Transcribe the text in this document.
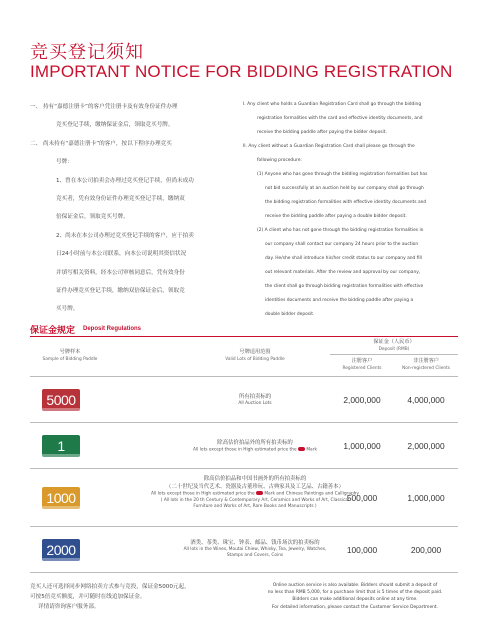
竞买登记须知
IMPORTANT NOTICE FOR BIDDING REGISTRATION
一、 持有“嘉德注册卡”的客户凭注册卡及有效身份证件办理
竞买登记手续，缴纳保证金后，领取竞买号牌。
二、 尚未持有“嘉德注册卡”的客户，按以下程序办理竞买
号牌：
1、曾在本公司拍卖会办理过竞买登记手续，但尚未成功
竞买者，凭有效身份证件办理竞买登记手续，缴纳双
倍保证金后，领取竞买号牌。
2、尚未在本公司办理过竞买登记手续的客户，应于拍卖
日24小时前与本公司联系，向本公司说明其资信状况
并填写相关资料，经本公司审核同意后，凭有效身份
证件办理竞买登记手续，缴纳双倍保证金后，领取竞
买号牌。
I. Any client who holds a Guardian Registration Card shall go through the bidding
registration formalities with the card and effective identity documents, and
receive the bidding paddle after paying the bidder deposit.
II. Any client without a Guardian Registration Card shall please go through the
following procedure:
(1) Anyone who has gone through the bidding registration formalities but has
not bid successfully at an auction held by our company shall go through
the bidding registration formalities with effective identity documents and
receive the bidding paddle after paying a double bidder deposit.
(2) A client who has not gone through the bidding registration formalities in
our company shall contact our company 24 hours prior to the auction
day. He/she shall introduce his/her credit status to our company and fill
out relevant materials. After the review and approval by our company,
the client shall go through bidding registration formalities with effective
identities documents and receive the bidding paddle after paying a
double bidder deposit.
保证金规定 Deposit Regulations
号牌样本
Sample of Bidding Paddle
号牌适用范围
Valid Lots of Bidding Paddle
保证金（人民币）
Deposit (RMB)
注册客户
Registered Clients
非注册客户
Non-registered Clients
5000	所有拍卖标的
All Auction Lots	2,000,000	4,000,000
1	除高估价拍品外的所有拍卖标的
All lots except those in High estimated price the  Mark	1,000,000	2,000,000
1000
除高估价拍品和中国书画外的所有拍卖标的
（二十世纪及当代艺术、瓷器及古董珍玩、古典家具及工艺品、古籍善本）
All lots except those in High estimated price the  Mark and Chinese Paintings and Calligraphy
( All lots in the 20 th Century & Contemporary Art, Ceramics and Works of Art, Classical
Furniture and Works of Art, Rare Books and Manuscripts )
500,000	1,000,000
2000	酒类、茶类、珠宝、钟表、邮品、钱币场次的拍卖标的
All lots in the Wines, Moutai Chiew, Whisky, Tea, Jewelry, Watches,
Stamps and Covers, Coins
100,000	200,000
竞买人还可选择同步网络拍卖方式参与竞投，保证金5000元起，
可按5倍竞买额度，并可随时在线追加保证金。
详情请咨询客户服务部。
Online auction service is also available. Bidders should submit a deposit of
no less than RMB 5,000, for a purchase limit that is 5 times of the deposit paid.
Bidders can make additional deposits online at any time.
For detailed information, please contact the Customer Service Department.
